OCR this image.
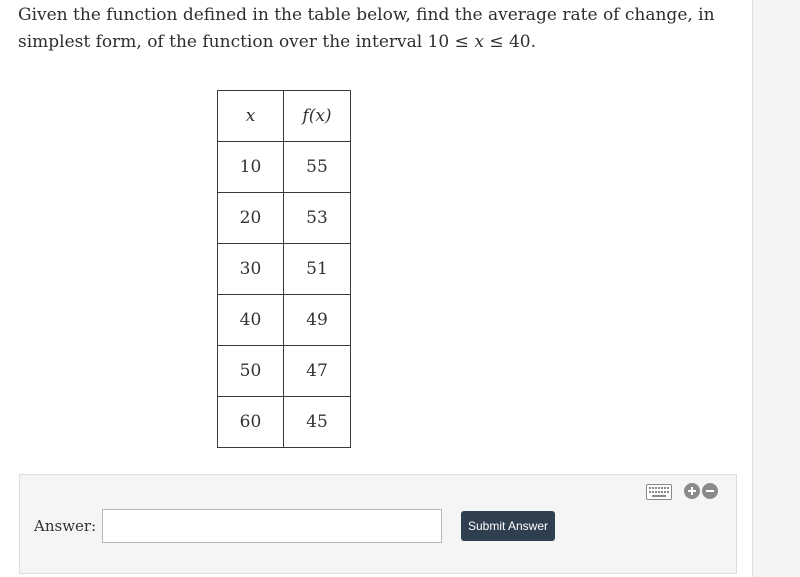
Given the function defined in the table below, find the average rate of change, in simplest form, of the function over the interval 10 ≤ x ≤ 40.
x	f(x)
10	55
20	53
30	51
40	49
50	47
60	45
Answer:	Submit Answer
